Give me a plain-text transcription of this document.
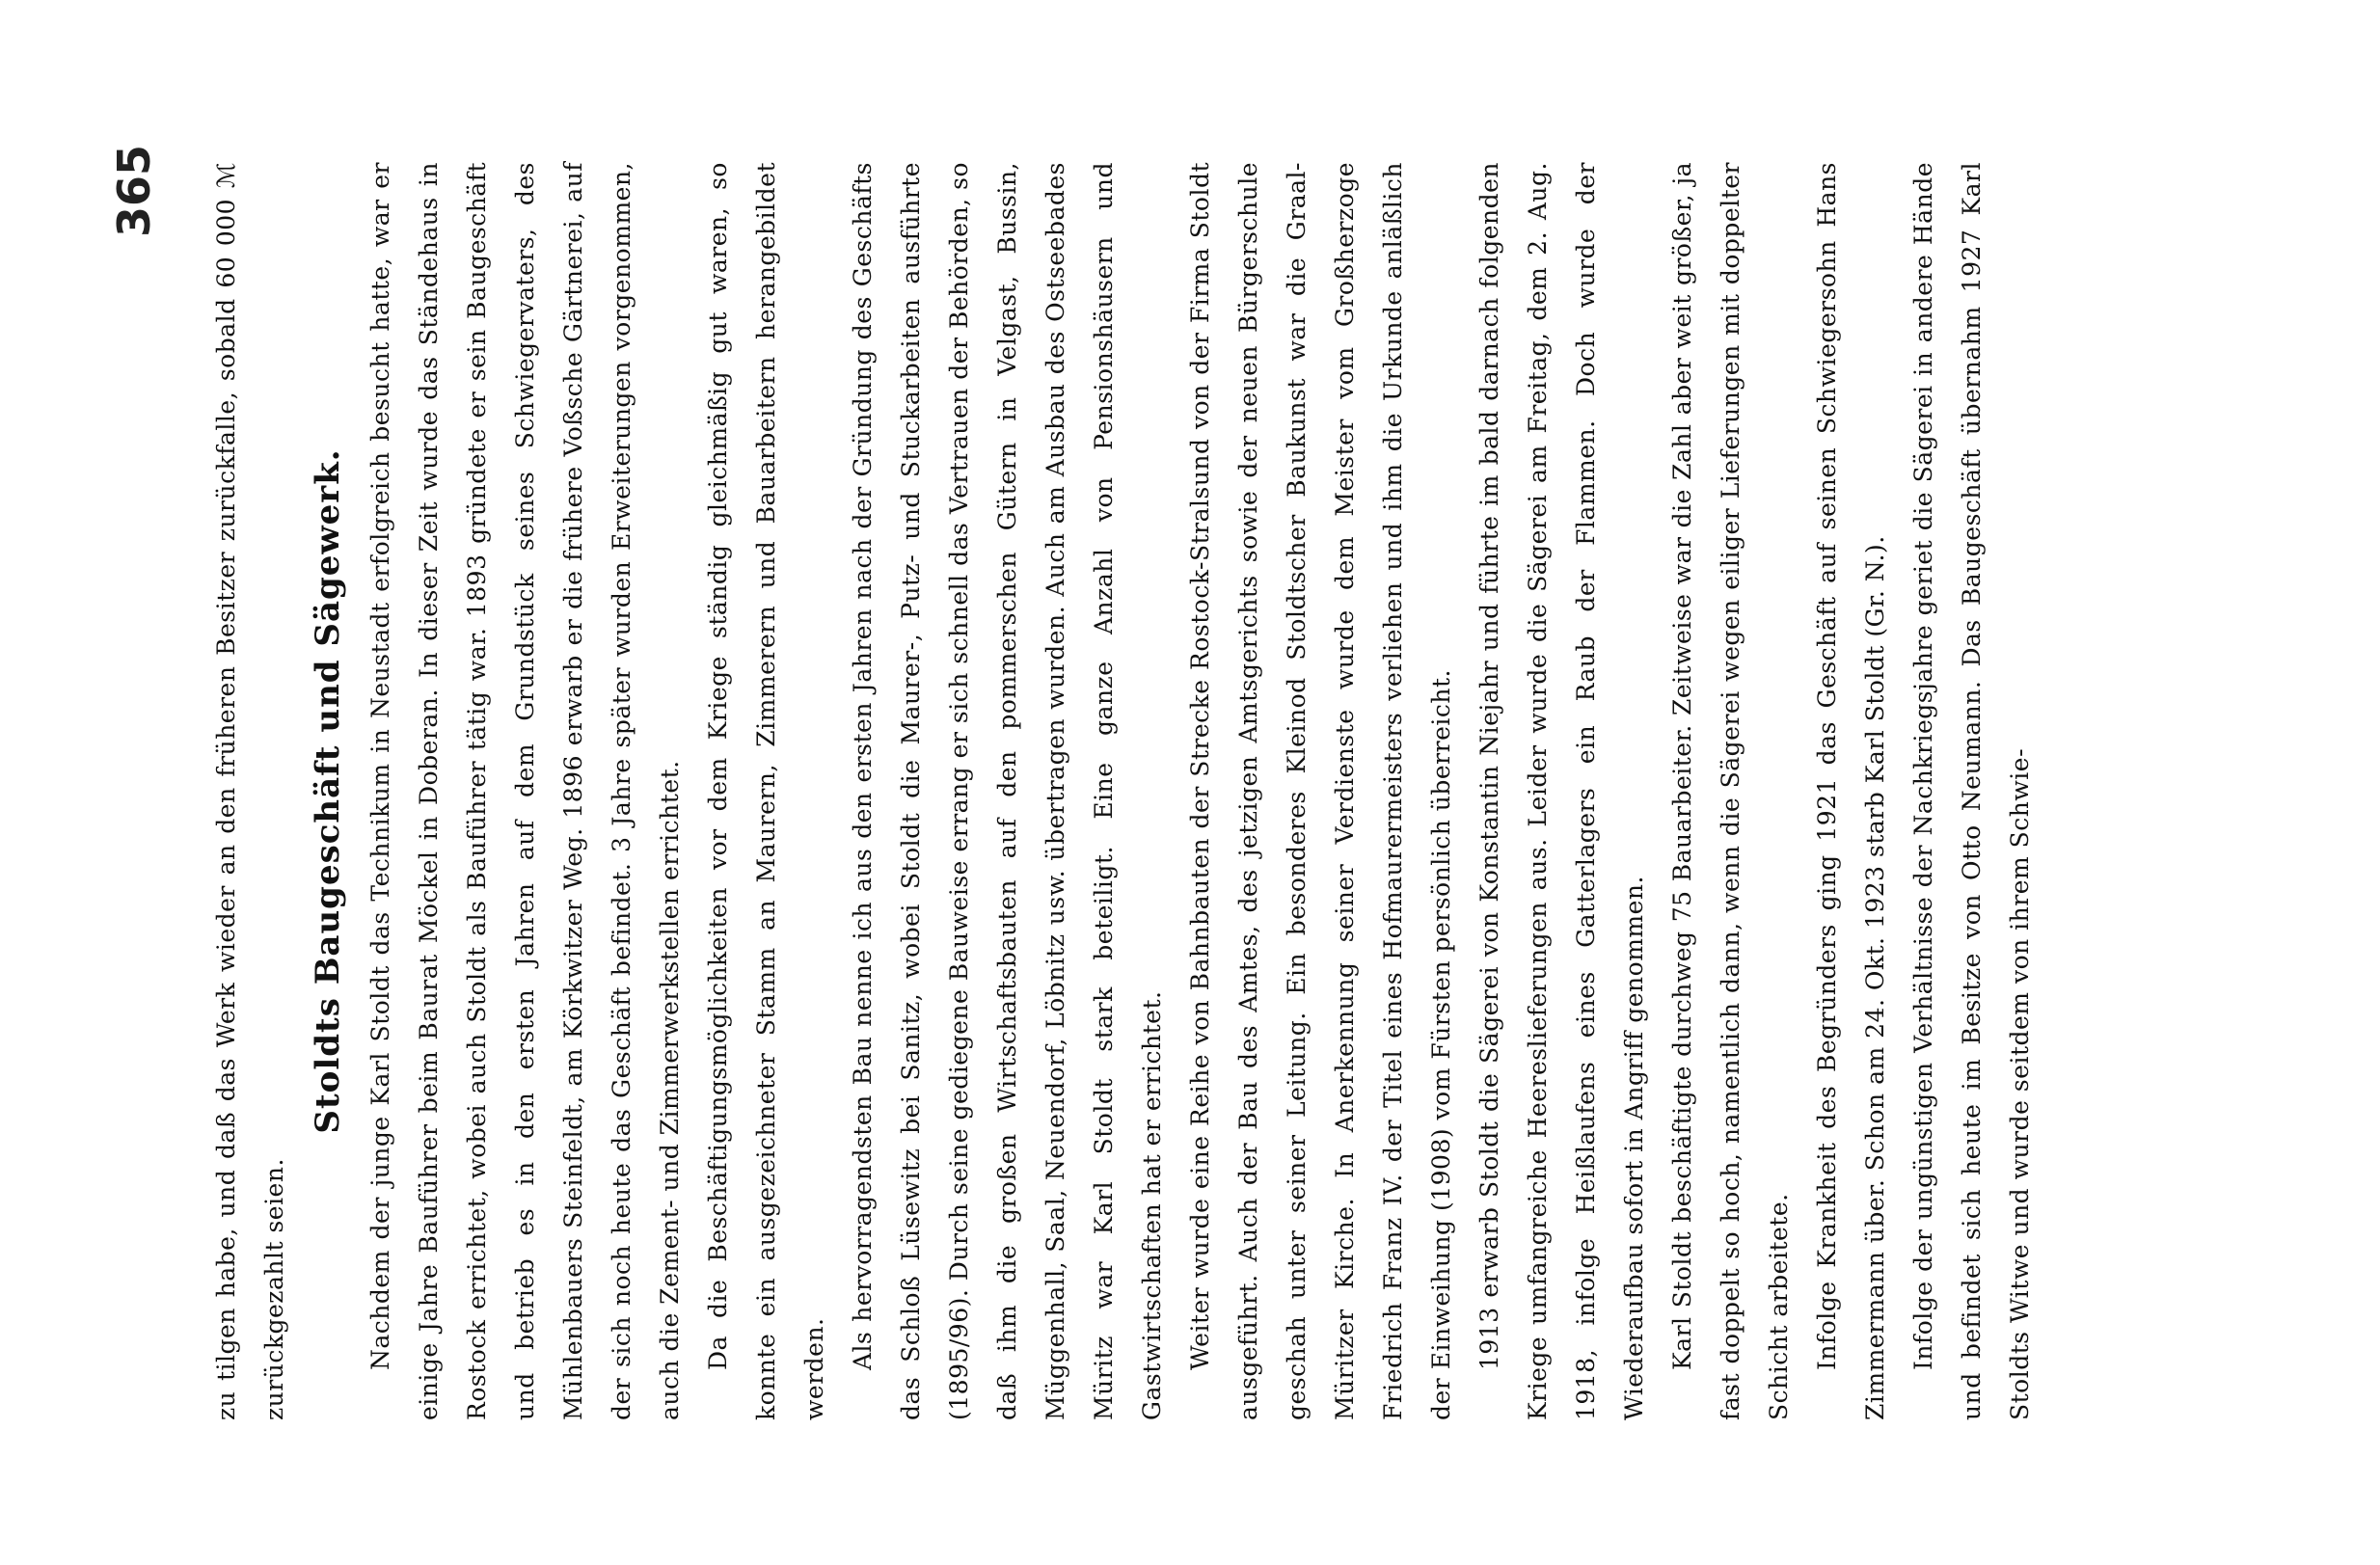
365	zu tilgen habe, und daß das Werk wieder an den früheren Besitzer zurückfalle, sobald 60 000 ℳ zurückgezahlt seien.

Stoldts Baugeschäft und Sägewerk. Nachdem der junge Karl Stoldt das Technikum in Neustadt erfolgreich besucht hatte, war er einige Jahre Bauführer beim Baurat Möckel in Doberan. In dieser Zeit wurde das Ständehaus in Rostock errichtet, wobei auch Stoldt als Bauführer tätig war. 1893 gründete er sein Baugeschäft und betrieb es in den ersten Jahren auf dem Grundstück seines Schwiegervaters, des Mühlenbauers Steinfeldt, am Körkwitzer Weg. 1896 erwarb er die frühere Voßsche Gärtnerei, auf der sich noch heute das Geschäft befindet. 3 Jahre später wurden Erweiterungen vorgenommen, auch die Zement- und Zimmerwerkstellen errichtet. Da die Beschäftigungsmöglichkeiten vor dem Kriege ständig gleichmäßig gut waren, so konnte ein ausgezeichneter Stamm an Maurern, Zimmerern und Bauarbeitern herangebildet werden. Als hervorragendsten Bau nenne ich aus den ersten Jahren nach der Gründung des Geschäfts das Schloß Lüsewitz bei Sanitz, wobei Stoldt die Maurer-, Putz- und Stuckarbeiten ausführte (1895/96). Durch seine gediegene Bauweise errang er sich schnell das Vertrauen der Behörden, so daß ihm die großen Wirtschaftsbauten auf den pommerschen Gütern in Velgast, Bussin, Müggenhall, Saal, Neuendorf, Löbnitz usw. übertragen wurden. Auch am Ausbau des Ostseebades Müritz war Karl Stoldt stark beteiligt. Eine ganze Anzahl von Pensionshäusern und Gastwirtschaften hat er errichtet. Weiter wurde eine Reihe von Bahnbauten der Strecke Rostock-Stralsund von der Firma Stoldt ausgeführt. Auch der Bau des Amtes, des jetzigen Amtsgerichts sowie der neuen Bürgerschule geschah unter seiner Leitung. Ein besonderes Kleinod Stoldtscher Baukunst war die Graal-Müritzer Kirche. In Anerkennung seiner Verdienste wurde dem Meister vom Großherzoge Friedrich Franz IV. der Titel eines Hofmaurermeisters verliehen und ihm die Urkunde anläßlich der Einweihung (1908) vom Fürsten persönlich überreicht. 1913 erwarb Stoldt die Sägerei von Konstantin Niejahr und führte im bald darnach folgenden Kriege umfangreiche Heereslieferungen aus. Leider wurde die Sägerei am Freitag, dem 2. Aug. 1918, infolge Heißlaufens eines Gatterlagers ein Raub der Flammen. Doch wurde der Wiederaufbau sofort in Angriff genommen. Karl Stoldt beschäftigte durchweg 75 Bauarbeiter. Zeitweise war die Zahl aber weit größer, ja fast doppelt so hoch, namentlich dann, wenn die Sägerei wegen eiliger Lieferungen mit doppelter Schicht arbeitete. Infolge Krankheit des Begründers ging 1921 das Geschäft auf seinen Schwiegersohn Hans Zimmermann über. Schon am 24. Okt. 1923 starb Karl Stoldt (Gr. N.). Infolge der ungünstigen Verhältnisse der Nachkriegsjahre geriet die Sägerei in andere Hände und befindet sich heute im Besitze von Otto Neumann. Das Baugeschäft übernahm 1927 Karl Stoldts Witwe und wurde seitdem von ihrem Schwie-
